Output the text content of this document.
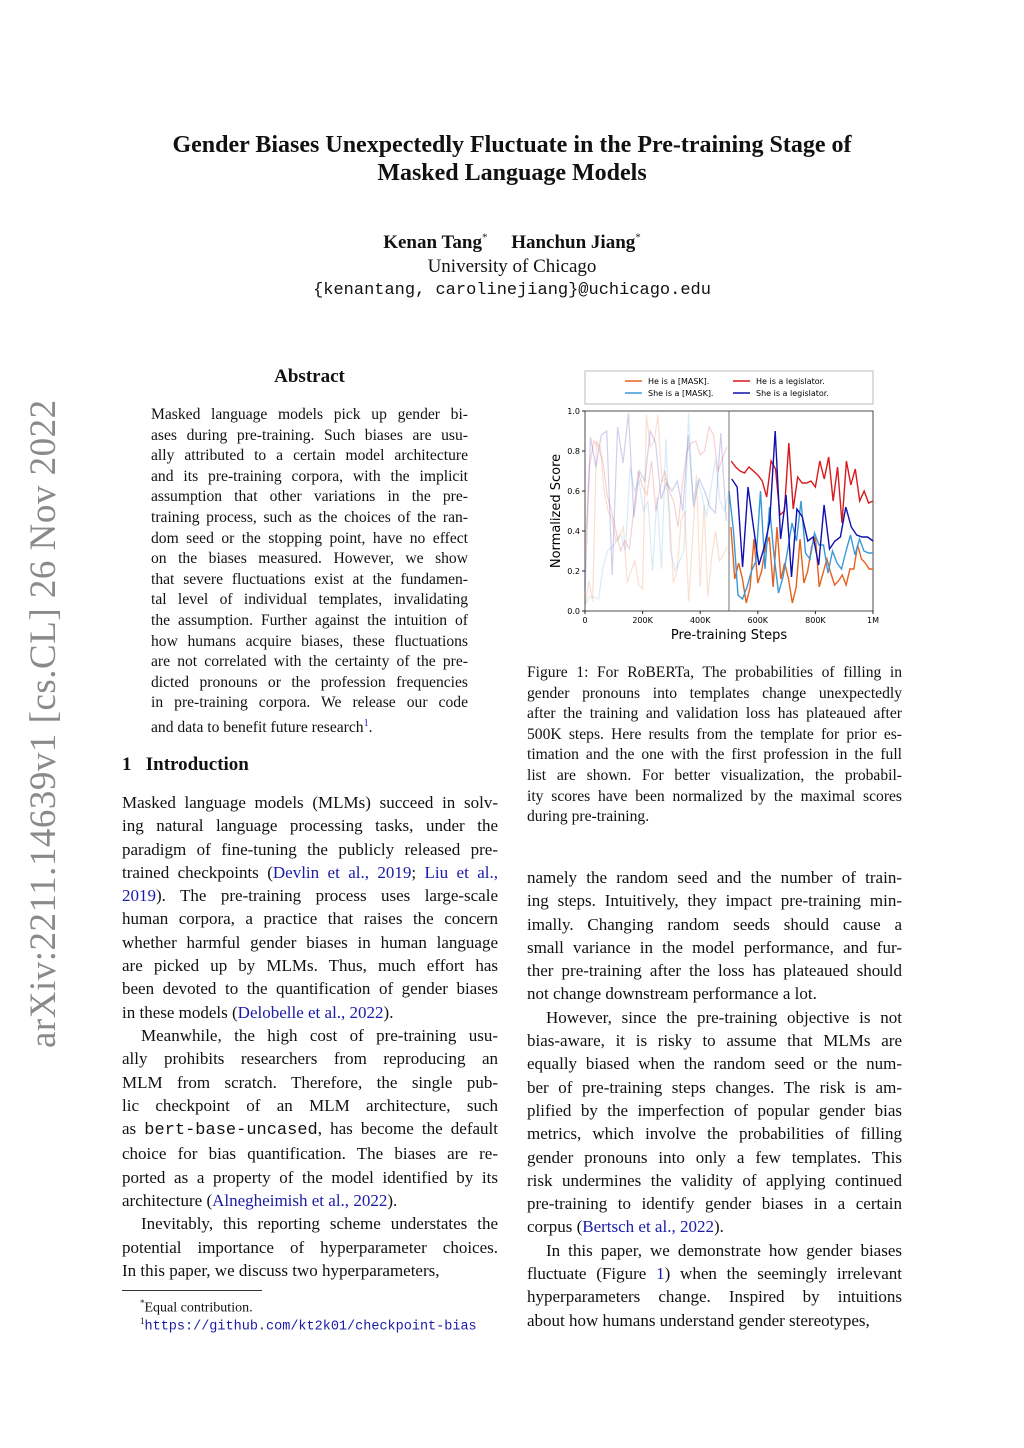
arXiv:2211.14639v1 [cs.CL] 26 Nov 2022
Gender Biases Unexpectedly Fluctuate in the Pre-training Stage of
Masked Language Models
Kenan Tang* Hanchun Jiang*
University of Chicago
{kenantang, carolinejiang}@uchicago.edu
Abstract
Masked language models pick up gender bi-
ases during pre-training. Such biases are usu-
ally attributed to a certain model architecture
and its pre-training corpora, with the implicit
assumption that other variations in the pre-
training process, such as the choices of the ran-
dom seed or the stopping point, have no effect
on the biases measured. However, we show
that severe fluctuations exist at the fundamen-
tal level of individual templates, invalidating
the assumption. Further against the intuition of
how humans acquire biases, these fluctuations
are not correlated with the certainty of the pre-
dicted pronouns or the profession frequencies
in pre-training corpora. We release our code
and data to benefit future research$^1$.
1 Introduction
Masked language models (MLMs) succeed in solv-
ing natural language processing tasks, under the
paradigm of fine-tuning the publicly released pre-
trained checkpoints (Devlin et al., 2019; Liu et al.,
2019). The pre-training process uses large-scale
human corpora, a practice that raises the concern
whether harmful gender biases in human language
are picked up by MLMs. Thus, much effort has
been devoted to the quantification of gender biases
in these models (Delobelle et al., 2022).
Meanwhile, the high cost of pre-training usu-
ally prohibits researchers from reproducing an
MLM from scratch. Therefore, the single pub-
lic checkpoint of an MLM architecture, such
as bert-base-uncased, has become the default
choice for bias quantification. The biases are re-
ported as a property of the model identified by its
architecture (Alnegheimish et al., 2022).
Inevitably, this reporting scheme understates the
potential importance of hyperparameter choices.
In this paper, we discuss two hyperparameters,
*Equal contribution.
$^1$https://github.com/kt2k01/checkpoint-bias
He is a [MASK].
She is a [MASK].
He is a legislator.
She is a legislator.
0.0
0.2
0.4
0.6
0.8
1.0
0	200K	400K	600K	800K	1M
Pre-training Steps
Normalized Score
Figure 1: For RoBERTa, The probabilities of filling in
gender pronouns into templates change unexpectedly
after the training and validation loss has plateaued after
500K steps. Here results from the template for prior es-
timation and the one with the first profession in the full
list are shown. For better visualization, the probabil-
ity scores have been normalized by the maximal scores
during pre-training.
namely the random seed and the number of train-
ing steps. Intuitively, they impact pre-training min-
imally. Changing random seeds should cause a
small variance in the model performance, and fur-
ther pre-training after the loss has plateaued should
not change downstream performance a lot.
However, since the pre-training objective is not
bias-aware, it is risky to assume that MLMs are
equally biased when the random seed or the num-
ber of pre-training steps changes. The risk is am-
plified by the imperfection of popular gender bias
metrics, which involve the probabilities of filling
gender pronouns into only a few templates. This
risk undermines the validity of applying continued
pre-training to identify gender biases in a certain
corpus (Bertsch et al., 2022).
In this paper, we demonstrate how gender biases
fluctuate (Figure 1) when the seemingly irrelevant
hyperparameters change. Inspired by intuitions
about how humans understand gender stereotypes,
